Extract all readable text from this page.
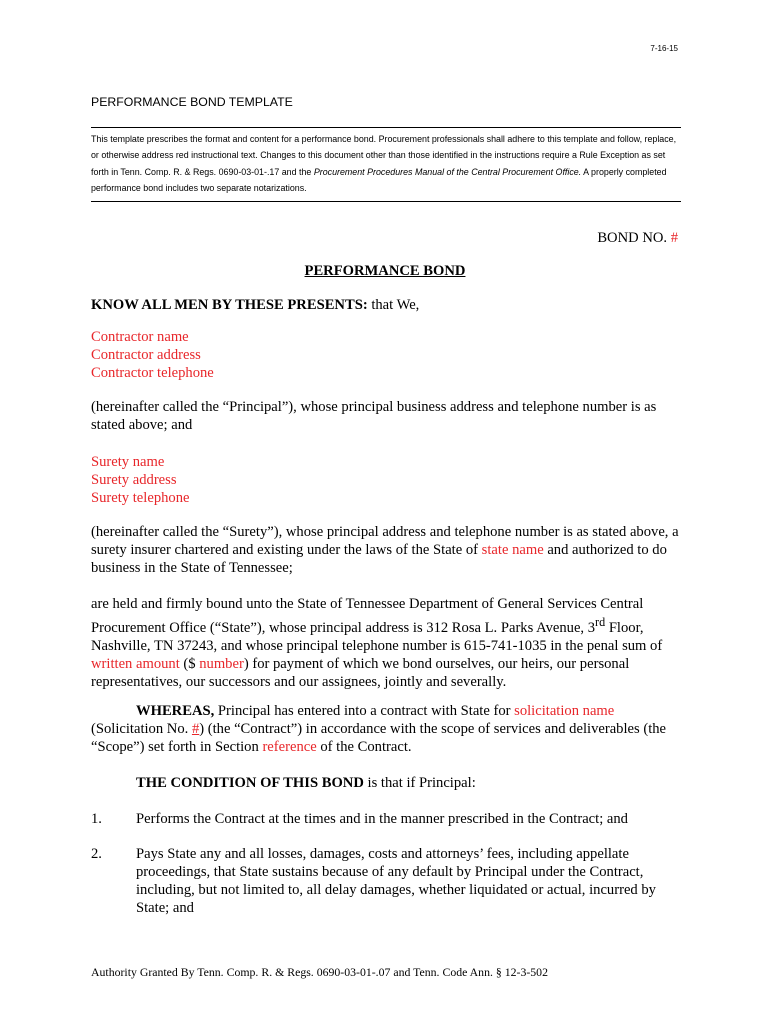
7-16-15
PERFORMANCE BOND TEMPLATE
This template prescribes the format and content for a performance bond. Procurement professionals shall adhere to this template and follow, replace, or otherwise address red instructional text. Changes to this document other than those identified in the instructions require a Rule Exception as set forth in Tenn. Comp. R. & Regs. 0690-03-01-.17 and the Procurement Procedures Manual of the Central Procurement Office. A properly completed performance bond includes two separate notarizations.
BOND NO. #
PERFORMANCE BOND
KNOW ALL MEN BY THESE PRESENTS: that We,
Contractor name
Contractor address
Contractor telephone
(hereinafter called the “Principal”), whose principal business address and telephone number is as stated above; and
Surety name
Surety address
Surety telephone
(hereinafter called the “Surety”), whose principal address and telephone number is as stated above, a surety insurer chartered and existing under the laws of the State of state name and authorized to do business in the State of Tennessee;
are held and firmly bound unto the State of Tennessee Department of General Services Central Procurement Office (“State”), whose principal address is 312 Rosa L. Parks Avenue, 3rd Floor, Nashville, TN 37243, and whose principal telephone number is 615-741-1035 in the penal sum of written amount ($ number) for payment of which we bond ourselves, our heirs, our personal representatives, our successors and our assignees, jointly and severally.
WHEREAS, Principal has entered into a contract with State for solicitation name (Solicitation No. #) (the “Contract”) in accordance with the scope of services and deliverables (the “Scope”) set forth in Section reference of the Contract.
THE CONDITION OF THIS BOND is that if Principal:
1. Performs the Contract at the times and in the manner prescribed in the Contract; and
2. Pays State any and all losses, damages, costs and attorneys’ fees, including appellate proceedings, that State sustains because of any default by Principal under the Contract, including, but not limited to, all delay damages, whether liquidated or actual, incurred by State; and
Authority Granted By Tenn. Comp. R. & Regs. 0690-03-01-.07 and Tenn. Code Ann. § 12-3-502
